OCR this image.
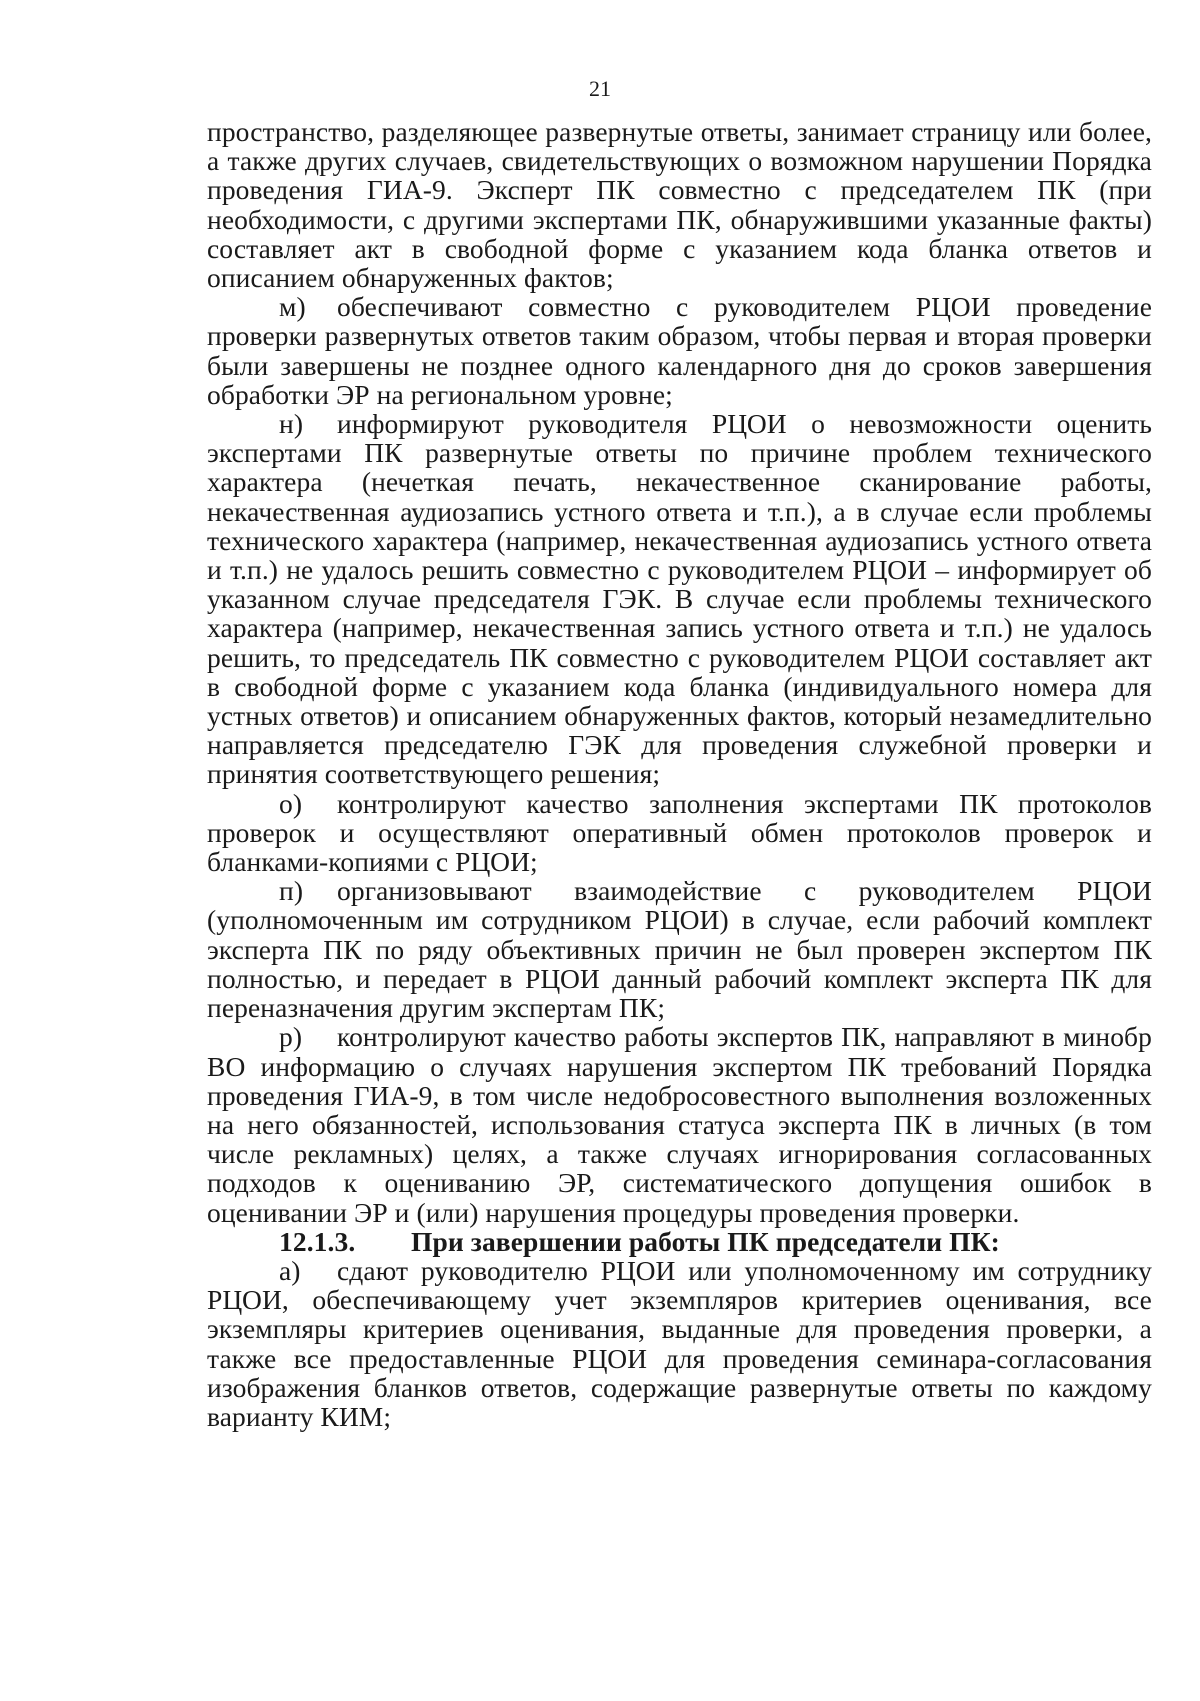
21

пространство, разделяющее развернутые ответы, занимает страницу или более, а также других случаев, свидетельствующих о возможном нарушении Порядка проведения ГИА-9. Эксперт ПК совместно с председателем ПК (при необходимости, с другими экспертами ПК, обнаружившими указанные факты) составляет акт в свободной форме с указанием кода бланка ответов и описанием обнаруженных фактов;

м) обеспечивают совместно с руководителем РЦОИ проведение проверки развернутых ответов таким образом, чтобы первая и вторая проверки были завершены не позднее одного календарного дня до сроков завершения обработки ЭР на региональном уровне;

н) информируют руководителя РЦОИ о невозможности оценить экспертами ПК развернутые ответы по причине проблем технического характера (нечеткая печать, некачественное сканирование работы, некачественная аудиозапись устного ответа и т.п.), а в случае если проблемы технического характера (например, некачественная аудиозапись устного ответа и т.п.) не удалось решить совместно с руководителем РЦОИ – информирует об указанном случае председателя ГЭК. В случае если проблемы технического характера (например, некачественная запись устного ответа и т.п.) не удалось решить, то председатель ПК совместно с руководителем РЦОИ составляет акт в свободной форме с указанием кода бланка (индивидуального номера для устных ответов) и описанием обнаруженных фактов, который незамедлительно направляется председателю ГЭК для проведения служебной проверки и принятия соответствующего решения;

о) контролируют качество заполнения экспертами ПК протоколов проверок и осуществляют оперативный обмен протоколов проверок и бланками-копиями с РЦОИ;

п) организовывают взаимодействие с руководителем РЦОИ (уполномоченным им сотрудником РЦОИ) в случае, если рабочий комплект эксперта ПК по ряду объективных причин не был проверен экспертом ПК полностью, и передает в РЦОИ данный рабочий комплект эксперта ПК для переназначения другим экспертам ПК;

р) контролируют качество работы экспертов ПК, направляют в минобр ВО информацию о случаях нарушения экспертом ПК требований Порядка проведения ГИА-9, в том числе недобросовестного выполнения возложенных на него обязанностей, использования статуса эксперта ПК в личных (в том числе рекламных) целях, а также случаях игнорирования согласованных подходов к оцениванию ЭР, систематического допущения ошибок в оценивании ЭР и (или) нарушения процедуры проведения проверки.

12.1.3. При завершении работы ПК председатели ПК:

а) сдают руководителю РЦОИ или уполномоченному им сотруднику РЦОИ, обеспечивающему учет экземпляров критериев оценивания, все экземпляры критериев оценивания, выданные для проведения проверки, а также все предоставленные РЦОИ для проведения семинара-согласования изображения бланков ответов, содержащие развернутые ответы по каждому варианту КИМ;
